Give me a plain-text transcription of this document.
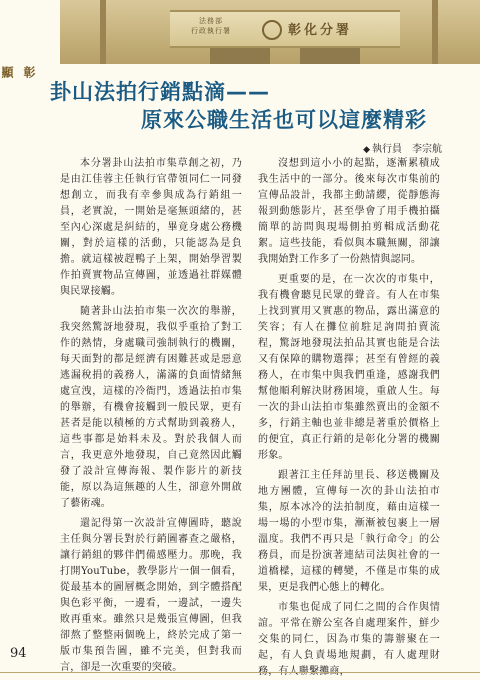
法務部
行政執行署	彰化分署
彰
顯
卦山法拍行銷點滴——
原來公職生活也可以這麼精彩
◆ 執行員 李宗航

本分署卦山法拍市集草創之初，乃是由江佳蓉主任執行官帶領同仁一同發想創立，而我有幸參與成為行銷組一員，老實說，一開始是毫無頭緒的，甚至內心深處是糾結的，畢竟身處公務機關，對於這樣的活動，只能認為是負擔。就這樣被趕鴨子上架，開始學習製作拍賣實物品宣傳圖，並透過社群媒體與民眾接觸。

隨著卦山法拍市集一次次的舉辦，我突然驚訝地發現，我似乎重拾了對工作的熱情，身處職司強制執行的機關，每天面對的都是經濟有困難甚或是惡意逃漏稅捐的義務人，滿滿的負面情緒無處宣洩，這樣的冷衙門，透過法拍市集的舉辦，有機會接觸到一般民眾，更有甚者是能以積極的方式幫助到義務人，這些事都是始料未及。對於我個人而言，我更意外地發現，自己竟然因此觸發了設計宣傳海報、製作影片的新技能，原以為這無趣的人生，卻意外開啟了藝術魂。

還記得第一次設計宣傳圖時，聽說主任與分署長對於行銷圖審查之嚴格，讓行銷組的夥伴們備感壓力。那晚，我打開YouTube，教學影片一個一個看，從最基本的圖層概念開始，到字體搭配與色彩平衡，一邊看，一邊試，一邊失敗再重來。雖然只是幾張宣傳圖，但我卻熬了整整兩個晚上，終於完成了第一版市集預告圖，雖不完美，但對我而言，卻是一次重要的突破。

沒想到這小小的起點，逐漸累積成我生活中的一部分。後來每次市集前的宣傳品設計，我都主動請纓，從靜態海報到動態影片，甚至學會了用手機拍攝簡單的訪問與現場側拍剪輯成活動花絮。這些技能，看似與本職無關，卻讓我開始對工作多了一份熱情與認同。

更重要的是，在一次次的市集中，我有機會聽見民眾的聲音。有人在市集上找到實用又實惠的物品，露出滿意的笑容；有人在攤位前駐足詢問拍賣流程，驚訝地發現法拍品其實也能是合法又有保障的購物選擇；甚至有曾經的義務人，在市集中與我們重逢，感謝我們幫他順利解決財務困境，重啟人生。每一次的卦山法拍市集雖然賣出的金額不多，行銷主軸也並非總是著重於價格上的便宜，真正行銷的是彰化分署的機關形象。

跟著江主任拜訪里長、移送機關及地方團體，宣傳每一次的卦山法拍市集，原本冰冷的法拍制度，藉由這樣一場一場的小型市集，漸漸被包裹上一層溫度。我們不再只是「執行命令」的公務員，而是扮演著連結司法與社會的一道橋樑，這樣的轉變，不僅是市集的成果，更是我們心態上的轉化。

市集也促成了同仁之間的合作與情誼。平常在辦公室各自處理案件，鮮少交集的同仁，因為市集的籌辦聚在一起，有人負責場地規劃，有人處理財務，有人聯繫攤商，

94
